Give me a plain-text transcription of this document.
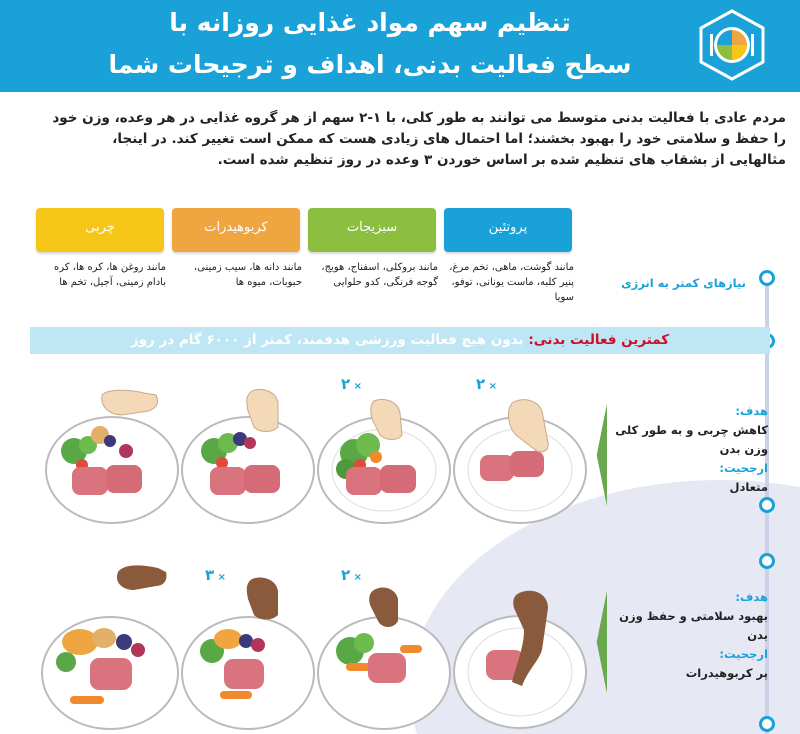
تنظیم سهم مواد غذایی روزانه با
سطح فعالیت بدنی، اهداف و ترجیحات شما
مردم عادی با فعالیت بدنی متوسط می توانند به طور کلی، با ۱-۲ سهم از هر گروه غذایی در هر وعده، وزن خود
را حفظ و سلامتی خود را بهبود بخشند؛ اما احتمال های زیادی هست که ممکن است تغییر کند. در اینجا،
مثالهایی از بشقاب های تنظیم شده بر اساس خوردن ۳ وعده در روز تنظیم شده است.
پروتئین
سبزیجات
کربوهیدرات
چربی
مانند گوشت، ماهی، تخم مرغ، پنیر کلبه، ماست یونانی، توفو، سویا
مانند بروکلی، اسفناج، هویج، گوجه فرنگی، کدو حلوایی
مانند دانه ها، سیب زمینی، حبوبات، میوه ها
مانند روغن ها، کره ها، کره بادام زمینی، آجیل، تخم ها	نیازهای کمتر به انرژی
کمترین فعالیت بدنی: بدون هیچ فعالیت ورزشی هدفمند، کمتر از ۶۰۰۰ گام در روز
۲ ×
۲ ×
هدف:
کاهش چربی و به طور کلی وزن بدن
ارجحیت:
متعادل
۲ ×
۳ ×
هدف:
بهبود سلامتی و حفظ وزن بدن
ارجحیت:
پر کربوهیدرات
